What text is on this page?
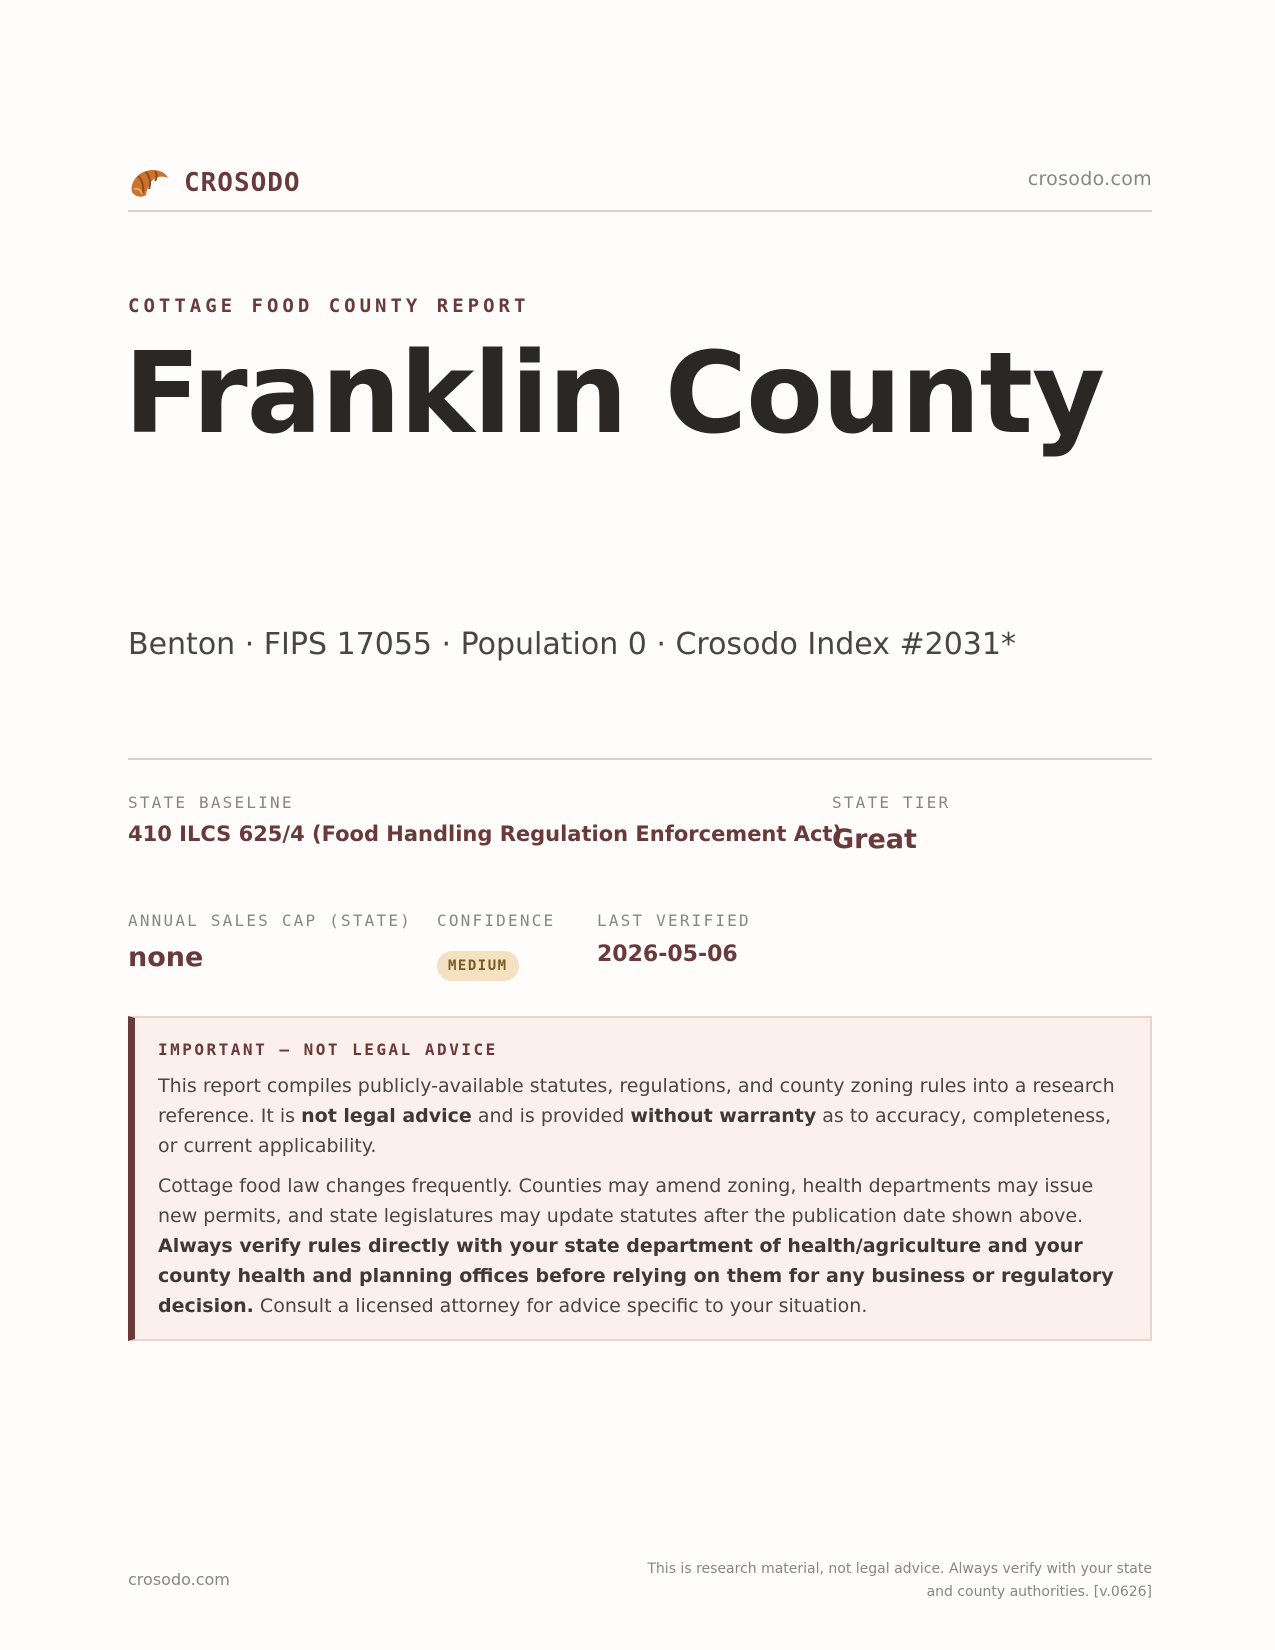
CROSODO	crosodo.com
COTTAGE FOOD COUNTY REPORT
Franklin County
Benton · FIPS 17055 · Population 0 · Crosodo Index #2031*
STATE BASELINE
410 ILCS 625/4 (Food Handling Regulation Enforcement Act)
STATE TIER
Great
ANNUAL SALES CAP (STATE)
none
CONFIDENCE
MEDIUM
LAST VERIFIED
2026-05-06
IMPORTANT — NOT LEGAL ADVICE

This report compiles publicly-available statutes, regulations, and county zoning rules into a research reference. It is not legal advice and is provided without warranty as to accuracy, completeness, or current applicability.

Cottage food law changes frequently. Counties may amend zoning, health departments may issue new permits, and state legislatures may update statutes after the publication date shown above. Always verify rules directly with your state department of health/agriculture and your county health and planning offices before relying on them for any business or regulatory decision. Consult a licensed attorney for advice specific to your situation.

crosodo.com
This is research material, not legal advice. Always verify with your state
and county authorities. [v.0626]
